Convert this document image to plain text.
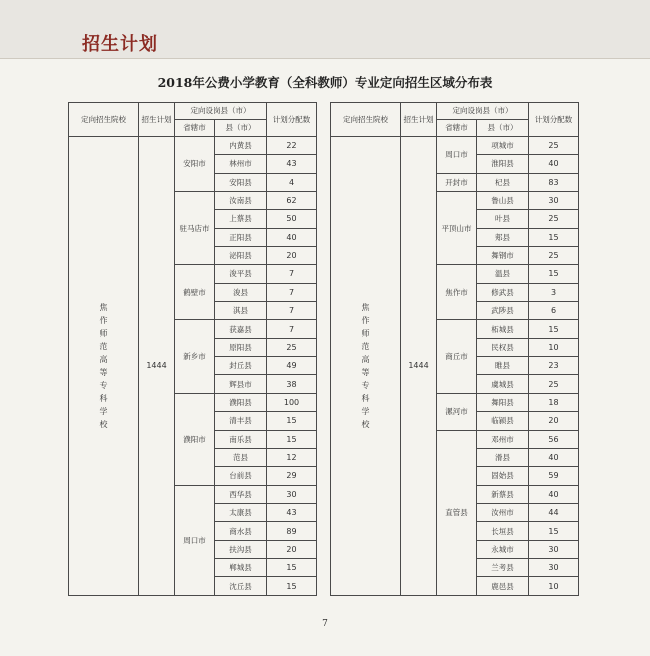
招生计划
2018年公费小学教育（全科教师）专业定向招生区域分布表
定向招生院校	招生计划	定向设岗县（市）		计划分配数
		省辖市	县（市）	
焦作师范高等专科学校	1444	安阳市	内黄县	22
			林州市	43
			安阳县	4
		驻马店市	汝南县	62
			上蔡县	50
			正阳县	40
			泌阳县	20
		鹤壁市	浚平县	7
			浚县	7
			淇县	7
		新乡市	获嘉县	7
			原阳县	25
			封丘县	49
			辉县市	38
		濮阳市	濮阳县	100
			清丰县	15
			南乐县	15
			范县	12
			台前县	29
		周口市	西华县	30
			太康县	43
			商水县	89
			扶沟县	20
			郸城县	15
			沈丘县	15
定向招生院校	招生计划	定向设岗县（市）		计划分配数
		省辖市	县（市）	
焦作师范高等专科学校	1444	周口市	项城市	25
			淮阳县	40
		开封市	杞县	83
		平顶山市	鲁山县	30
			叶县	25
			郏县	15
			舞钢市	25
		焦作市	温县	15
			修武县	3
			武陟县	6
		商丘市	柘城县	15
			民权县	10
			睢县	23
			虞城县	25
		漯河市	舞阳县	18
			临颍县	20
		直管县	邓州市	56
			滑县	40
			固始县	59
			新蔡县	40
			汝州市	44
			长垣县	15
			永城市	30
			兰考县	30
			鹿邑县	10
7
